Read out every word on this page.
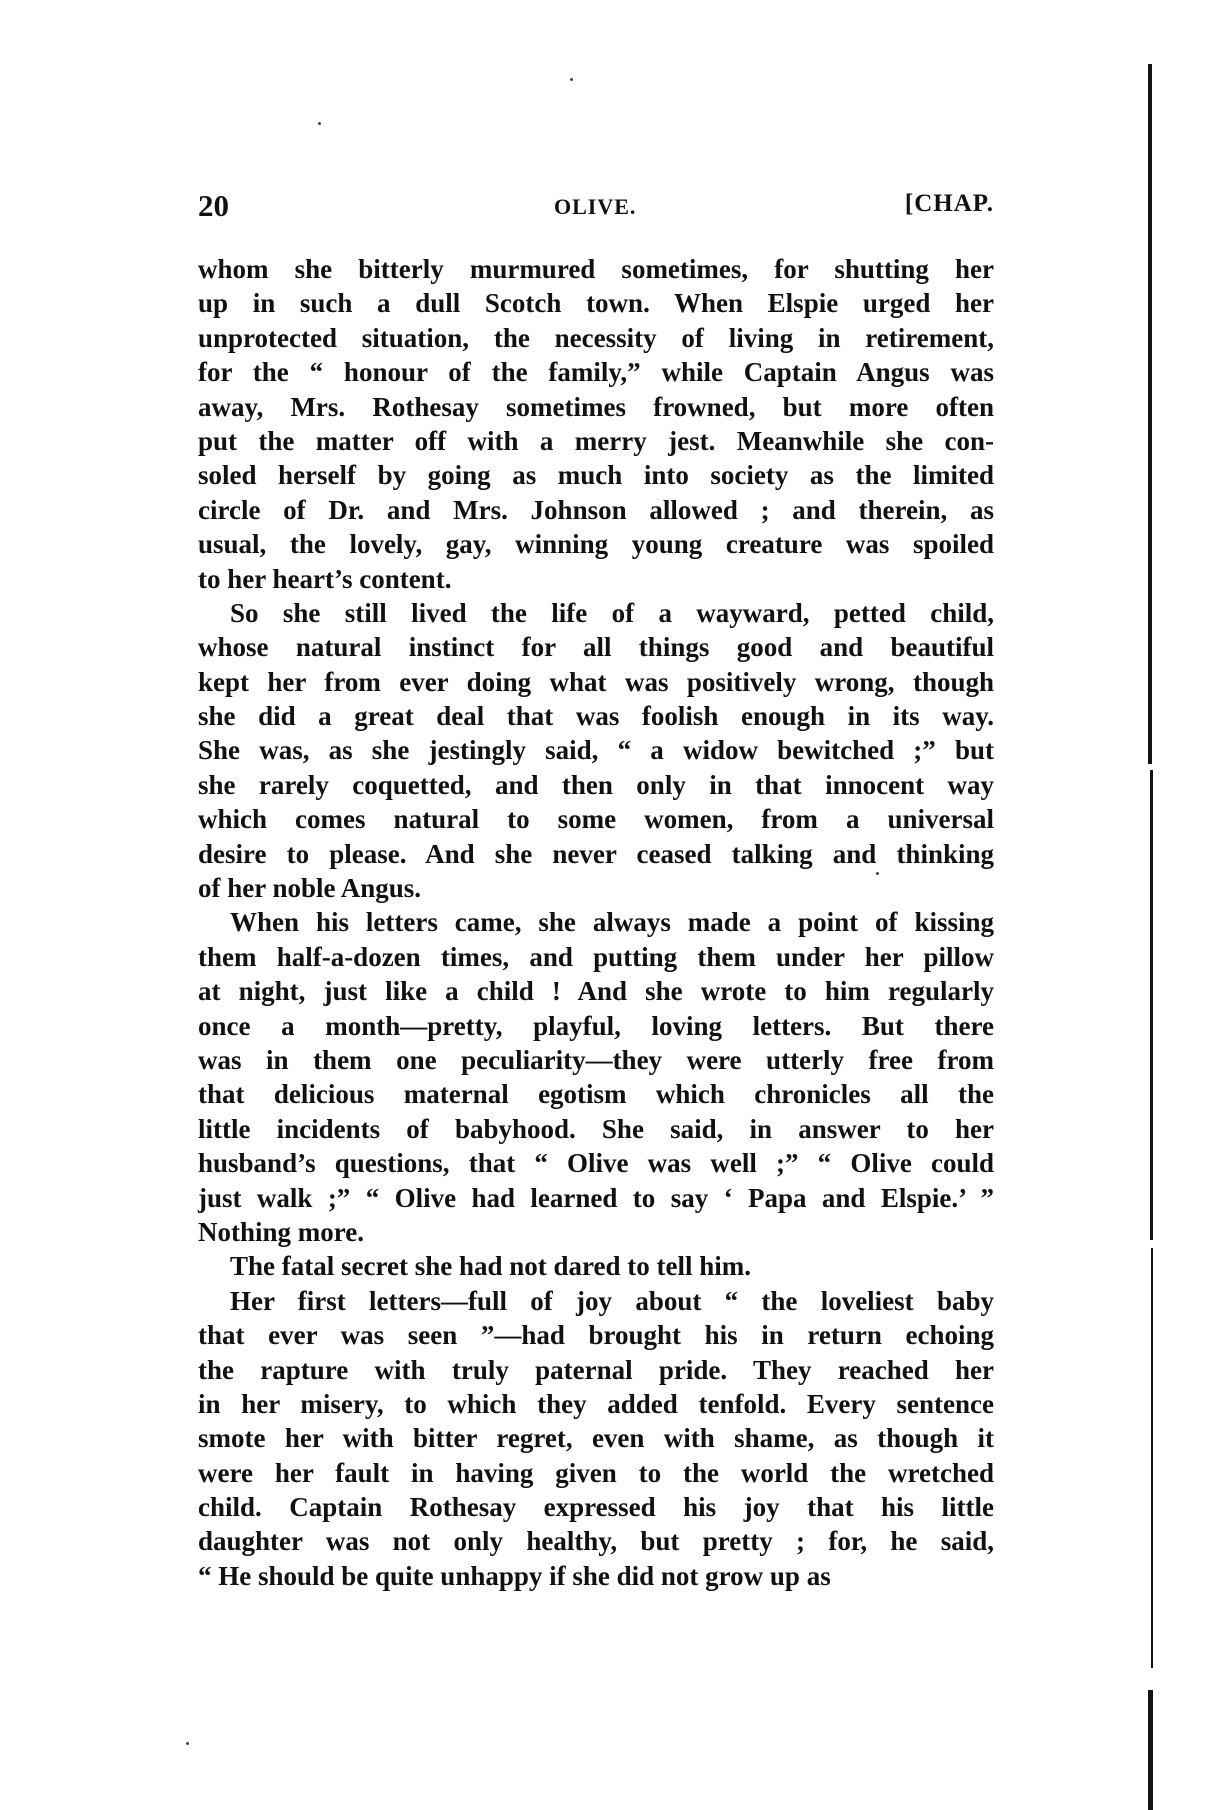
20	OLIVE.	[CHAP.
whom she bitterly murmured sometimes, for shutting her
up in such a dull Scotch town. When Elspie urged her
unprotected situation, the necessity of living in retirement,
for the “ honour of the family,” while Captain Angus was
away, Mrs. Rothesay sometimes frowned, but more often
put the matter off with a merry jest. Meanwhile she con-
soled herself by going as much into society as the limited
circle of Dr. and Mrs. Johnson allowed ; and therein, as
usual, the lovely, gay, winning young creature was spoiled
to her heart’s content.
So she still lived the life of a wayward, petted child,
whose natural instinct for all things good and beautiful
kept her from ever doing what was positively wrong, though
she did a great deal that was foolish enough in its way.
She was, as she jestingly said, “ a widow bewitched ;” but
she rarely coquetted, and then only in that innocent way
which comes natural to some women, from a universal
desire to please. And she never ceased talking and thinking
of her noble Angus.
When his letters came, she always made a point of kissing
them half-a-dozen times, and putting them under her pillow
at night, just like a child ! And she wrote to him regularly
once a month—pretty, playful, loving letters. But there
was in them one peculiarity—they were utterly free from
that delicious maternal egotism which chronicles all the
little incidents of babyhood. She said, in answer to her
husband’s questions, that “ Olive was well ;” “ Olive could
just walk ;” “ Olive had learned to say ‘ Papa and Elspie.’ ”
Nothing more.
The fatal secret she had not dared to tell him.
Her first letters—full of joy about “ the loveliest baby
that ever was seen ”—had brought his in return echoing
the rapture with truly paternal pride. They reached her
in her misery, to which they added tenfold. Every sentence
smote her with bitter regret, even with shame, as though it
were her fault in having given to the world the wretched
child. Captain Rothesay expressed his joy that his little
daughter was not only healthy, but pretty ; for, he said,
“ He should be quite unhappy if she did not grow up as
